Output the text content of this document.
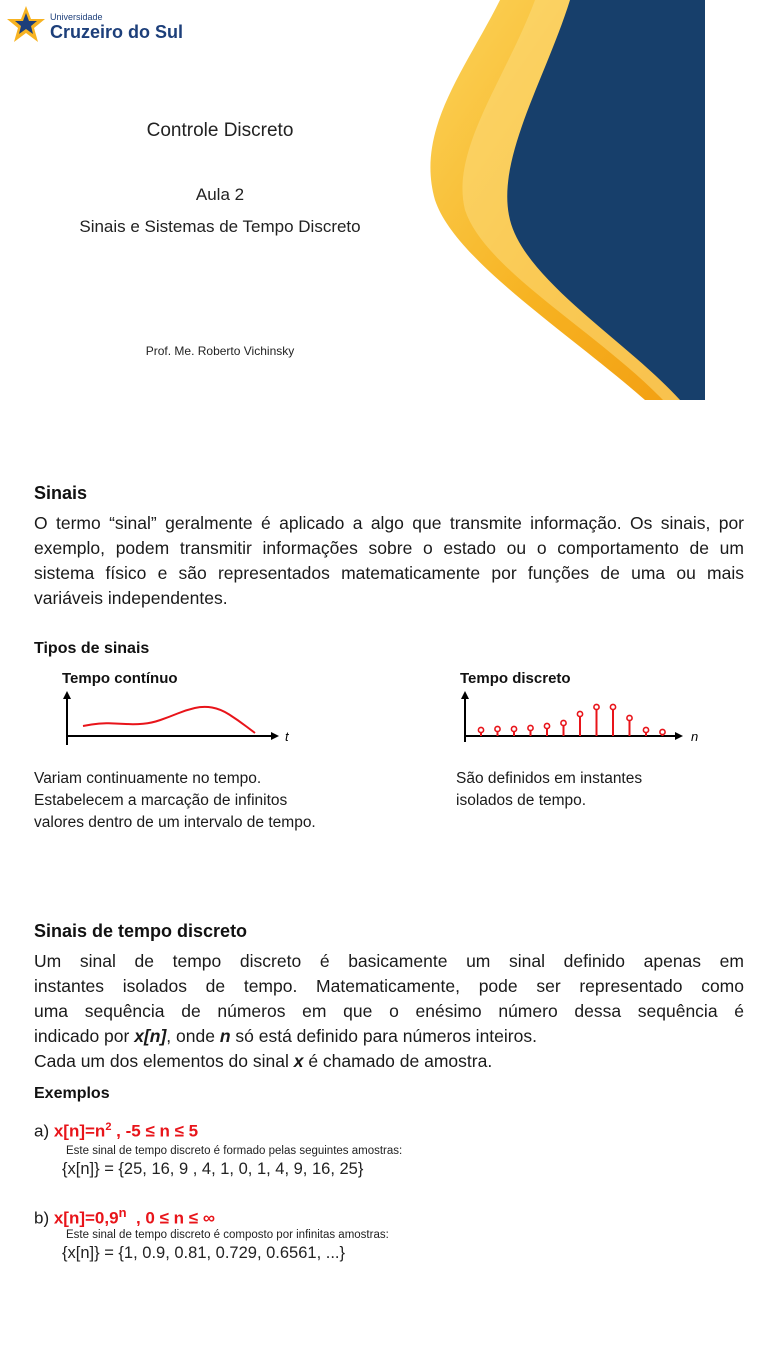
Universidade
Cruzeiro do Sul
Controle Discreto
Aula 2
Sinais e Sistemas de Tempo Discreto
Prof. Me. Roberto Vichinsky
Sinais
O termo “sinal” geralmente é aplicado a algo que transmite informação. Os sinais, por exemplo, podem transmitir informações sobre o estado ou o comportamento de um sistema físico e são representados matematicamente por funções de uma ou mais variáveis independentes.
Tipos de sinais
Tempo contínuo	Tempo discreto
t	n
Variam continuamente no tempo.
Estabelecem a marcação de infinitos
valores dentro de um intervalo de tempo.
São definidos em instantes
isolados de tempo.
Sinais de tempo discreto
Um sinal de tempo discreto é basicamente um sinal definido apenas em
instantes isolados de tempo. Matematicamente, pode ser representado como
uma sequência de números em que o enésimo número dessa sequência é
indicado por x[n], onde n só está definido para números inteiros.
Cada um dos elementos do sinal x é chamado de amostra.
Exemplos
a) $x[n]=n^2$ , -5 ≤ n ≤ 5
Este sinal de tempo discreto é formado pelas seguintes amostras:
{x[n]} = {25, 16, 9 , 4, 1, 0, 1, 4, 9, 16, 25}
b) $x[n]=0,9^n$  , 0 ≤ n ≤ ∞
Este sinal de tempo discreto é composto por infinitas amostras:
{x[n]} = {1, 0.9, 0.81, 0.729, 0.6561, ...}
